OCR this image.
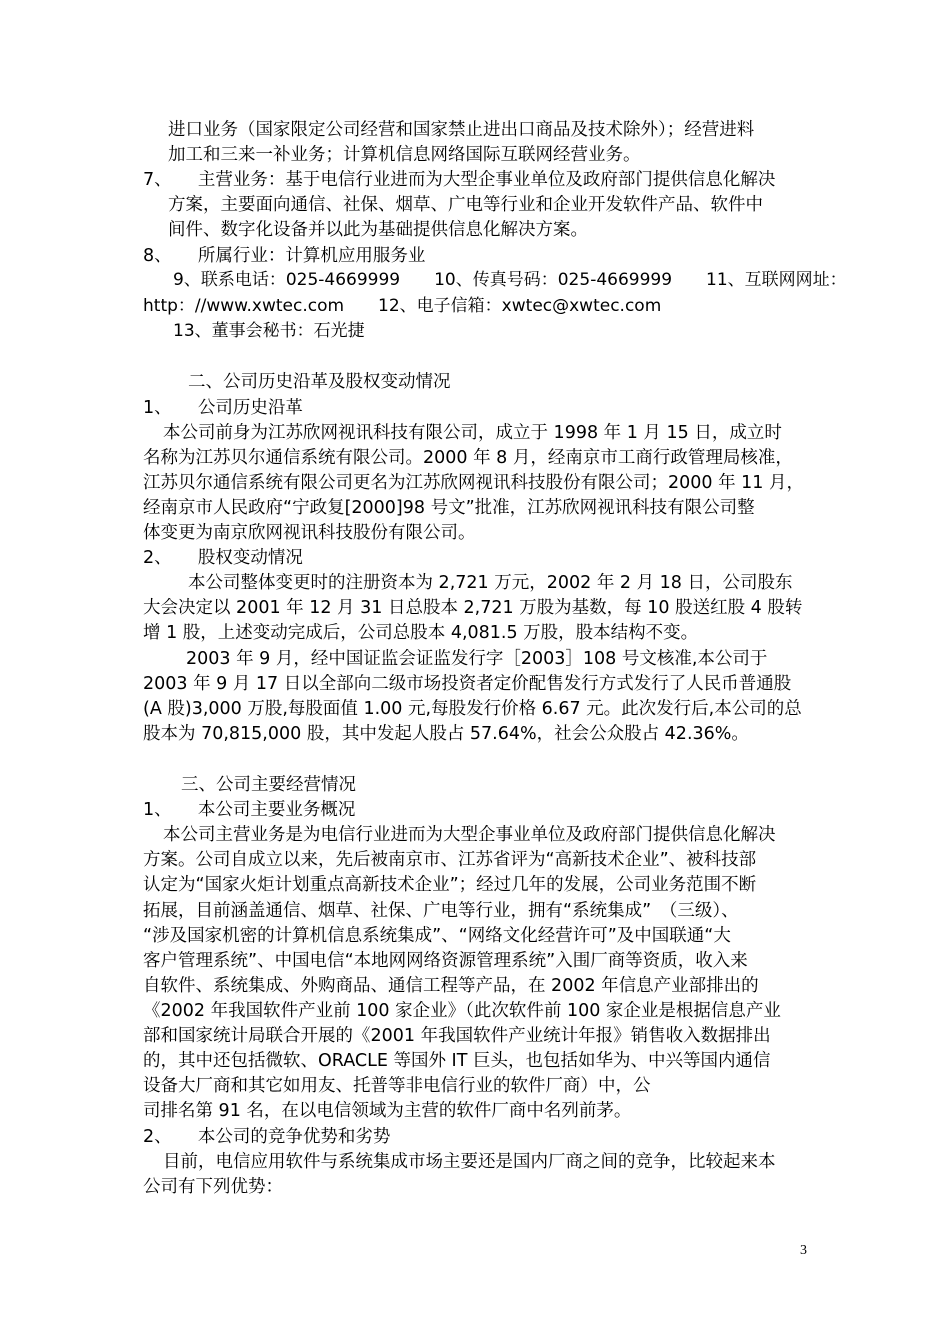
进口业务（国家限定公司经营和国家禁止进出口商品及技术除外）；经营进料
加工和三来一补业务；计算机信息网络国际互联网经营业务。
7、　　主营业务：基于电信行业进而为大型企事业单位及政府部门提供信息化解决
方案，主要面向通信、社保、烟草、广电等行业和企业开发软件产品、软件中
间件、数字化设备并以此为基础提供信息化解决方案。
8、　　所属行业：计算机应用服务业
9、联系电话：025-4669999　　10、传真号码：025-4669999　　11、互联网网址：
http：//www.xwtec.com　　12、电子信箱：xwtec@xwtec.com
13、董事会秘书：石光捷
二、公司历史沿革及股权变动情况
1、　　公司历史沿革
本公司前身为江苏欣网视讯科技有限公司，成立于 1998 年 1 月 15 日，成立时
名称为江苏贝尔通信系统有限公司。2000 年 8 月，经南京市工商行政管理局核准，
江苏贝尔通信系统有限公司更名为江苏欣网视讯科技股份有限公司；2000 年 11 月，
经南京市人民政府“宁政复[2000]98 号文”批准，江苏欣网视讯科技有限公司整
体变更为南京欣网视讯科技股份有限公司。
2、　　股权变动情况
本公司整体变更时的注册资本为 2,721 万元，2002 年 2 月 18 日，公司股东
大会决定以 2001 年 12 月 31 日总股本 2,721 万股为基数，每 10 股送红股 4 股转
增 1 股，上述变动完成后，公司总股本 4,081.5 万股，股本结构不变。
2003 年 9 月，经中国证监会证监发行字［2003］108 号文核准,本公司于
2003 年 9 月 17 日以全部向二级市场投资者定价配售发行方式发行了人民币普通股
(A 股)3,000 万股,每股面值 1.00 元,每股发行价格 6.67 元。此次发行后,本公司的总
股本为 70,815,000 股，其中发起人股占 57.64%，社会公众股占 42.36%。
三、公司主要经营情况
1、　　本公司主要业务概况
本公司主营业务是为电信行业进而为大型企事业单位及政府部门提供信息化解决
方案。公司自成立以来，先后被南京市、江苏省评为“高新技术企业”、被科技部
认定为“国家火炬计划重点高新技术企业”；经过几年的发展，公司业务范围不断
拓展，目前涵盖通信、烟草、社保、广电等行业，拥有“系统集成”　（三级）、
“涉及国家机密的计算机信息系统集成”、“网络文化经营许可”及中国联通“大
客户管理系统”、中国电信“本地网网络资源管理系统”入围厂商等资质，收入来
自软件、系统集成、外购商品、通信工程等产品，在 2002 年信息产业部排出的
《2002 年我国软件产业前 100 家企业》（此次软件前 100 家企业是根据信息产业
部和国家统计局联合开展的《2001 年我国软件产业统计年报》销售收入数据排出
的，其中还包括微软、ORACLE 等国外 IT 巨头，也包括如华为、中兴等国内通信
设备大厂商和其它如用友、托普等非电信行业的软件厂商）中，公
司排名第 91 名，在以电信领域为主营的软件厂商中名列前茅。
2、　　本公司的竞争优势和劣势
目前，电信应用软件与系统集成市场主要还是国内厂商之间的竞争，比较起来本
公司有下列优势：
3
